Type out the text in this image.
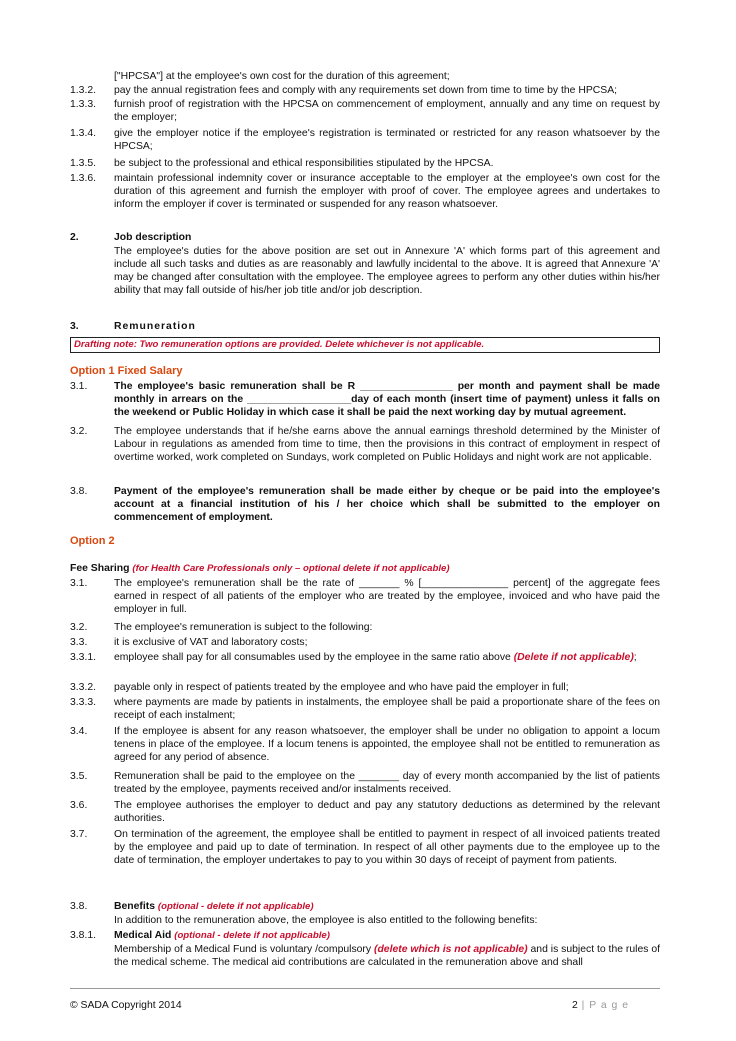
["HPCSA"] at the employee's own cost for the duration of this agreement;
1.3.2.	pay the annual registration fees and comply with any requirements set down from time to time by the HPCSA;
1.3.3.	furnish proof of registration with the HPCSA on commencement of employment, annually and any time on request by the employer;
1.3.4.	give the employer notice if the employee's registration is terminated or restricted for any reason whatsoever by the HPCSA;
1.3.5.	be subject to the professional and ethical responsibilities stipulated by the HPCSA.
1.3.6.	maintain professional indemnity cover or insurance acceptable to the employer at the employee's own cost for the duration of this agreement and furnish the employer with proof of cover. The employee agrees and undertakes to inform the employer if cover is terminated or suspended for any reason whatsoever.
2.	Job description
The employee's duties for the above position are set out in Annexure 'A' which forms part of this agreement and include all such tasks and duties as are reasonably and lawfully incidental to the above. It is agreed that Annexure 'A' may be changed after consultation with the employee. The employee agrees to perform any other duties within his/her ability that may fall outside of his/her job title and/or job description.
3.	Remuneration
Drafting note: Two remuneration options are provided. Delete whichever is not applicable.
Option 1 Fixed Salary
3.1.	The employee's basic remuneration shall be R ________________ per month and payment shall be made monthly in arrears on the __________________day of each month (insert time of payment) unless it falls on the weekend or Public Holiday in which case it shall be paid the next working day by mutual agreement.
3.2.	The employee understands that if he/she earns above the annual earnings threshold determined by the Minister of Labour in regulations as amended from time to time, then the provisions in this contract of employment in respect of overtime worked, work completed on Sundays, work completed on Public Holidays and night work are not applicable.
3.8.	Payment of the employee's remuneration shall be made either by cheque or be paid into the employee's account at a financial institution of his / her choice which shall be submitted to the employer on commencement of employment.
Option 2
Fee Sharing (for Health Care Professionals only – optional delete if not applicable)
3.1.	The employee's remuneration shall be the rate of _______ % [_______________ percent] of the aggregate fees earned in respect of all patients of the employer who are treated by the employee, invoiced and who have paid the employer in full.
3.2.	The employee's remuneration is subject to the following:
3.3.	it is exclusive of VAT and laboratory costs;
3.3.1.	employee shall pay for all consumables used by the employee in the same ratio above (Delete if not applicable);
3.3.2.	payable only in respect of patients treated by the employee and who have paid the employer in full;
3.3.3.	where payments are made by patients in instalments, the employee shall be paid a proportionate share of the fees on receipt of each instalment;
3.4.	If the employee is absent for any reason whatsoever, the employer shall be under no obligation to appoint a locum tenens in place of the employee. If a locum tenens is appointed, the employee shall not be entitled to remuneration as agreed for any period of absence.
3.5.	Remuneration shall be paid to the employee on the _______ day of every month accompanied by the list of patients treated by the employee, payments received and/or instalments received.
3.6.	The employee authorises the employer to deduct and pay any statutory deductions as determined by the relevant authorities.
3.7.	On termination of the agreement, the employee shall be entitled to payment in respect of all invoiced patients treated by the employee and paid up to date of termination. In respect of all other payments due to the employee up to the date of termination, the employer undertakes to pay to you within 30 days of receipt of payment from patients.
3.8.	Benefits (optional - delete if not applicable)
In addition to the remuneration above, the employee is also entitled to the following benefits:
3.8.1.	Medical Aid (optional - delete if not applicable)
Membership of a Medical Fund is voluntary /compulsory (delete which is not applicable) and is subject to the rules of the medical scheme. The medical aid contributions are calculated in the remuneration above and shall
© SADA Copyright 2014	2 | P a g e
